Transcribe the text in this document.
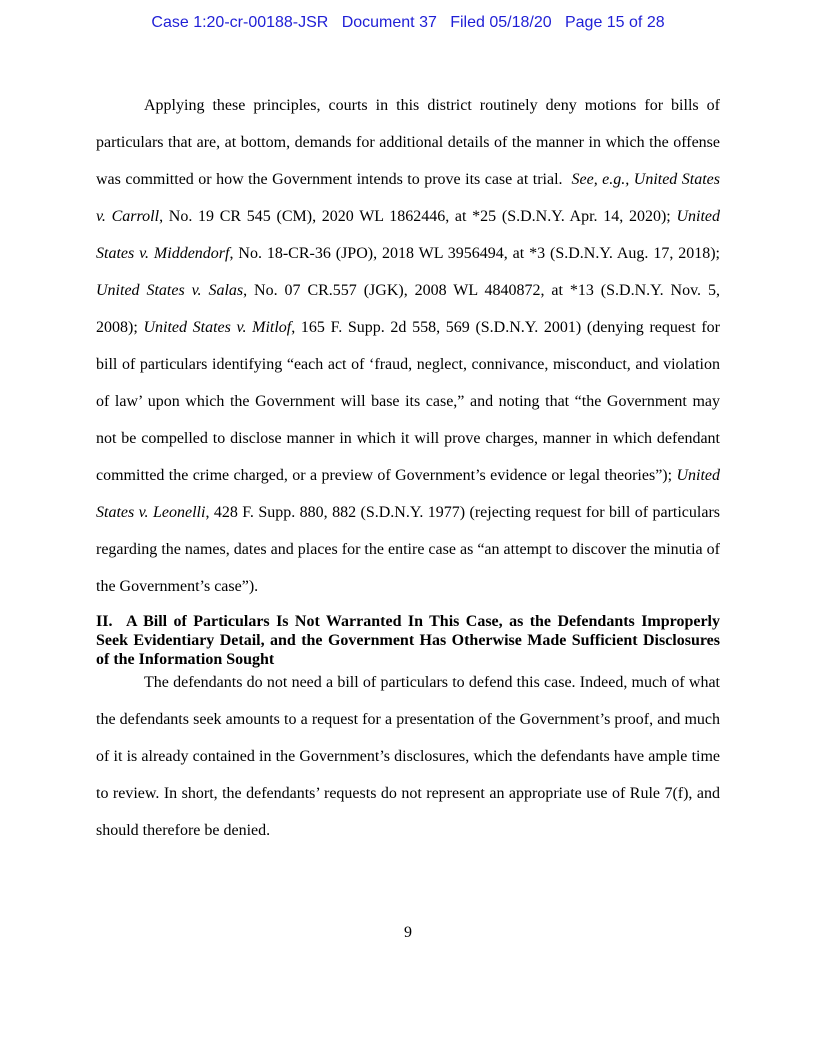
Case 1:20-cr-00188-JSR Document 37 Filed 05/18/20 Page 15 of 28

Applying these principles, courts in this district routinely deny motions for bills of particulars that are, at bottom, demands for additional details of the manner in which the offense was committed or how the Government intends to prove its case at trial. See, e.g., United States v. Carroll, No. 19 CR 545 (CM), 2020 WL 1862446, at *25 (S.D.N.Y. Apr. 14, 2020); United States v. Middendorf, No. 18-CR-36 (JPO), 2018 WL 3956494, at *3 (S.D.N.Y. Aug. 17, 2018); United States v. Salas, No. 07 CR.557 (JGK), 2008 WL 4840872, at *13 (S.D.N.Y. Nov. 5, 2008); United States v. Mitlof, 165 F. Supp. 2d 558, 569 (S.D.N.Y. 2001) (denying request for bill of particulars identifying “each act of ‘fraud, neglect, connivance, misconduct, and violation of law’ upon which the Government will base its case,” and noting that “the Government may not be compelled to disclose manner in which it will prove charges, manner in which defendant committed the crime charged, or a preview of Government’s evidence or legal theories”); United States v. Leonelli, 428 F. Supp. 880, 882 (S.D.N.Y. 1977) (rejecting request for bill of particulars regarding the names, dates and places for the entire case as “an attempt to discover the minutia of the Government’s case”).

II. A Bill of Particulars Is Not Warranted In This Case, as the Defendants Improperly Seek Evidentiary Detail, and the Government Has Otherwise Made Sufficient Disclosures of the Information Sought

The defendants do not need a bill of particulars to defend this case. Indeed, much of what the defendants seek amounts to a request for a presentation of the Government’s proof, and much of it is already contained in the Government’s disclosures, which the defendants have ample time to review. In short, the defendants’ requests do not represent an appropriate use of Rule 7(f), and should therefore be denied.

9
